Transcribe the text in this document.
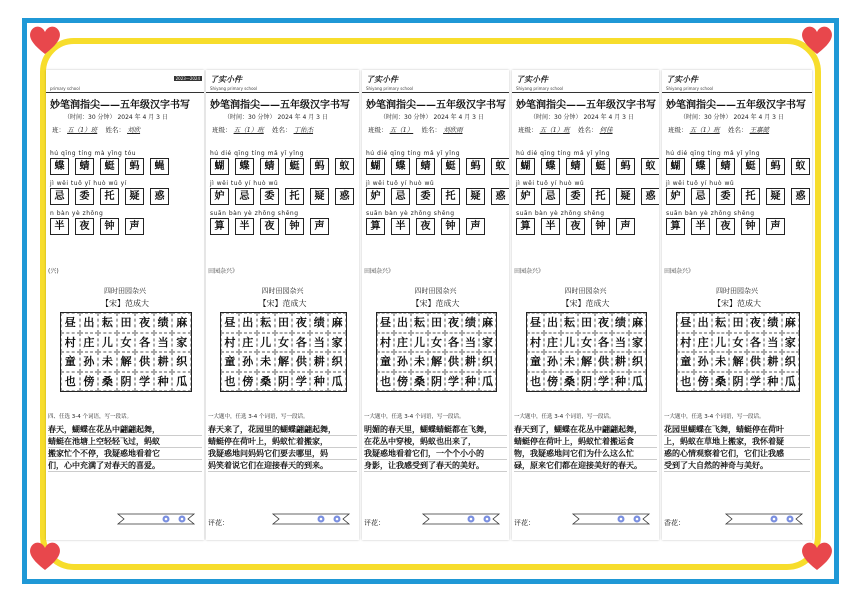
primary school
2023—2024
妙笔润指尖——五年级汉字书写
（时间：30 分钟） 2024 年 4 月 3 日
班： 五（1）班 姓名： 刘欣
hú qīng tíng mà yǐng tóu
蝶	蜻	蜓	蚂	蝇
jì wěi tuō yǐ huò wǔ yí
忌	委	托	疑	惑
n bàn yè zhōng
半	夜	钟	声
(兴)
四时田园杂兴
【宋】范成大
昼 出 耘 田 夜 绩 麻
村 庄 儿 女 各 当 家
童 孙 未 解 供 耕 织
也 傍 桑 阴 学 种 瓜
四、任选 3-4 个词语，写一段话。
春天，蝴蝶在花丛中翩翩起舞，
蜻蜓在池塘上空轻轻飞过，蚂蚁
搬家忙个不停，我疑惑地看着它
们，心中充满了对春天的喜爱。
了实小件
Shiyang primary school
妙笔润指尖——五年级汉字书写
（时间：30 分钟） 2024 年 4 月 3 日
班级： 五（1）班 姓名： 丁佑杰
hú dié qīng tíng mǎ yǐ yǐng
蝴	蝶	蜻	蜓	蚂	蚁
jì wěi tuō yí huò wǔ
妒	忌	委	托	疑	惑
suān bàn yè zhōng shēng
算	半	夜	钟	声
田园杂兴》
四时田园杂兴
【宋】范成大
昼 出 耘 田 夜 绩 麻
村 庄 儿 女 各 当 家
童 孙 未 解 供 耕 织
也 傍 桑 阴 学 种 瓜
一大题中，任选 3-4 个词语，写一段话。
春天来了，花园里的蝴蝶翩翩起舞，
蜻蜓停在荷叶上，蚂蚁忙着搬家，
我疑惑地问妈妈它们要去哪里，妈
妈笑着说它们在迎接春天的到来。
评花：
了实小件
Shiyang primary school
妙笔润指尖——五年级汉字书写
（时间：30 分钟） 2024 年 4 月 3 日
班级： 五（1） 姓名： 刘欣雨
hú dié qīng tíng mǎ yǐ yǐng
蝴	蝶	蜻	蜓	蚂	蚁
jì wěi tuō yí huò wǔ
妒	忌	委	托	疑	惑
suān bàn yè zhōng shēng
算	半	夜	钟	声
田园杂兴》
四时田园杂兴
【宋】范成大
昼 出 耘 田 夜 绩 麻
村 庄 儿 女 各 当 家
童 孙 未 解 供 耕 织
也 傍 桑 阴 学 种 瓜
一大题中，任选 3-4 个词语，写一段话。
明媚的春天里，蝴蝶蜻蜓都在飞舞，
在花丛中穿梭，蚂蚁也出来了，
我疑惑地看着它们，一个个小小的
身影，让我感受到了春天的美好。
评花：
了实小件
Shiyang primary school
妙笔润指尖——五年级汉字书写
（时间：30 分钟） 2024 年 4 月 3 日
班级： 五（1）班 姓名： 何佳
hú dié qīng tíng mǎ yǐ yǐng
蝴	蝶	蜻	蜓	蚂	蚁
jì wěi tuō yí huò wǔ
妒	忌	委	托	疑	惑
suān bàn yè zhōng shēng
算	半	夜	钟	声
田园杂兴》
四时田园杂兴
【宋】范成大
昼 出 耘 田 夜 绩 麻
村 庄 儿 女 各 当 家
童 孙 未 解 供 耕 织
也 傍 桑 阴 学 种 瓜
一大题中，任选 3-4 个词语，写一段话。
春天到了，蝴蝶在花丛中翩翩起舞，
蜻蜓停在荷叶上，蚂蚁忙着搬运食
物，我疑惑地问它们为什么这么忙
碌，原来它们都在迎接美好的春天。
评花：
了实小件
Shiyang primary school
妙笔润指尖——五年级汉字书写
（时间：30 分钟） 2024 年 4 月 3 日
班级： 五（1）班 姓名： 王嘉懿
hú dié qīng tíng mǎ yǐ yǐng
蝴	蝶	蜻	蜓	蚂	蚁
jì wěi tuō yí huò wǔ
妒	忌	委	托	疑	惑
suān bàn yè zhōng shēng
算	半	夜	钟	声
田园杂兴》
四时田园杂兴
【宋】范成大
昼 出 耘 田 夜 绩 麻
村 庄 儿 女 各 当 家
童 孙 未 解 供 耕 织
也 傍 桑 阴 学 种 瓜
一大题中，任选 3-4 个词语，写一段话。
花园里蝴蝶在飞舞，蜻蜓停在荷叶
上，蚂蚁在草地上搬家，我怀着疑
惑的心情观察着它们，它们让我感
受到了大自然的神奇与美好。
香花：
